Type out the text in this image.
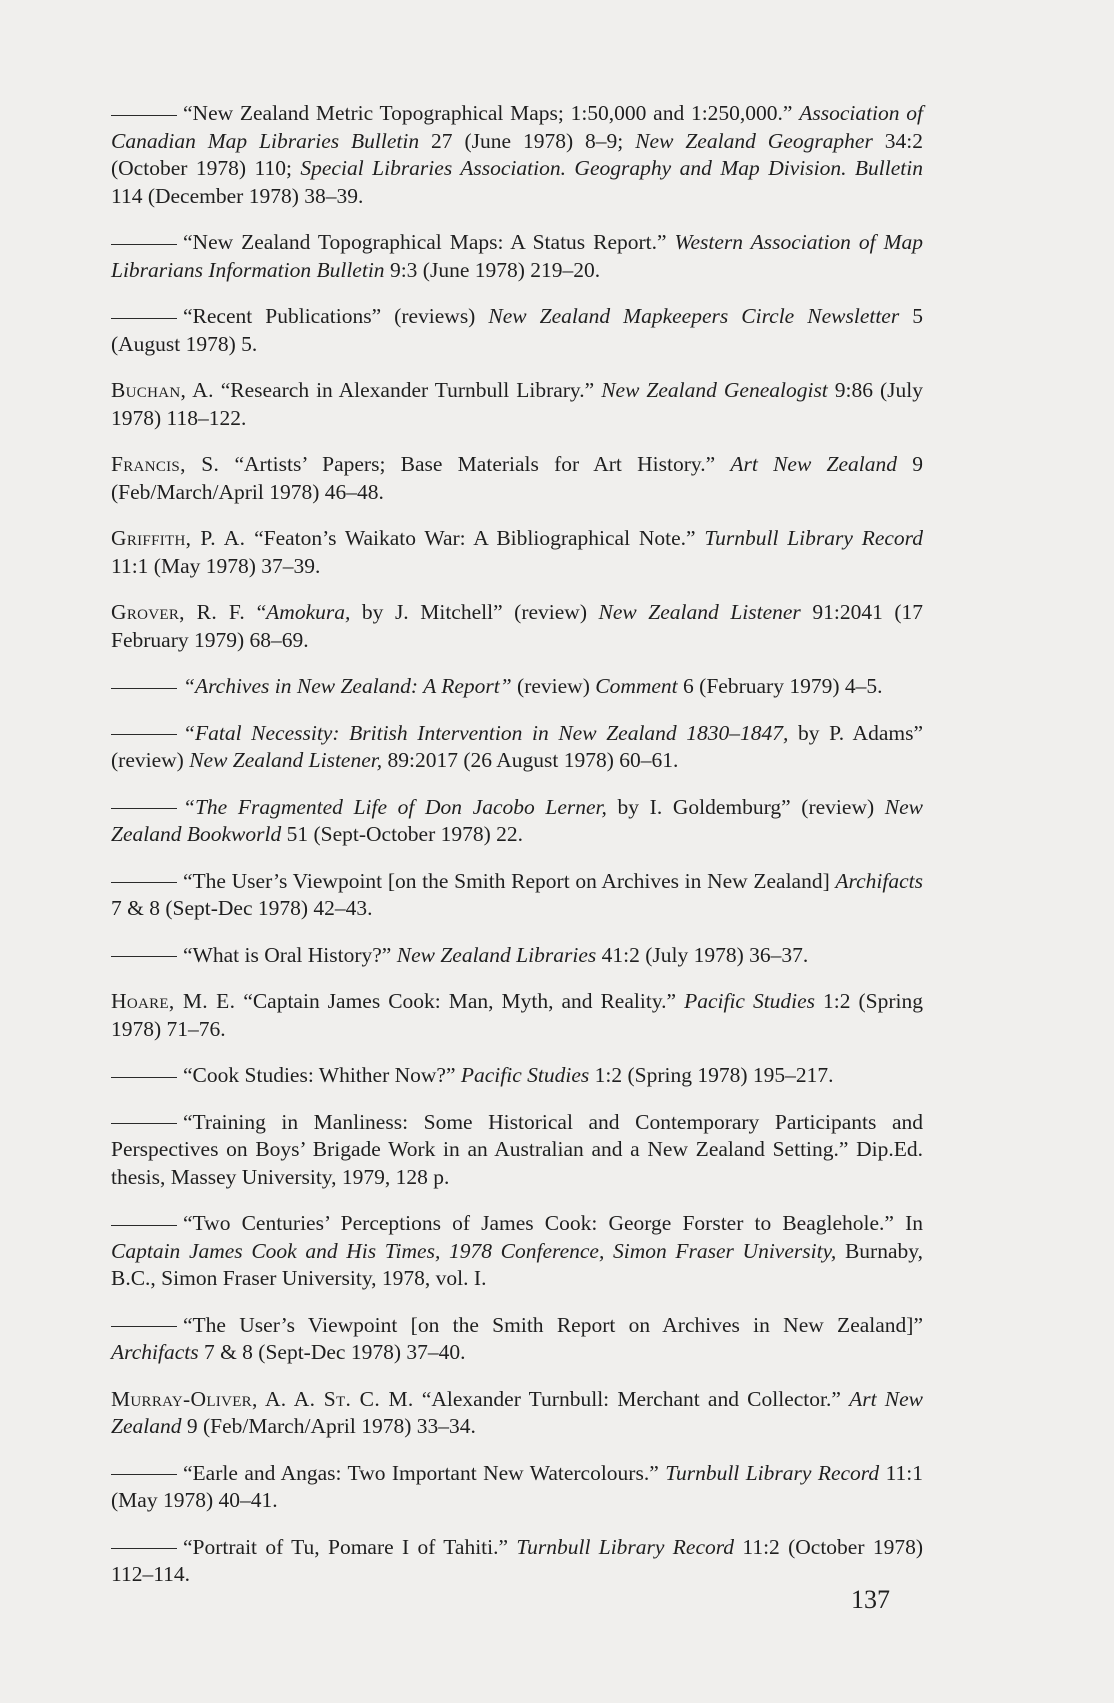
“New Zealand Metric Topographical Maps; 1:50,000 and 1:250,000.” Association of Canadian Map Libraries Bulletin 27 (June 1978) 8–9; New Zealand Geographer 34:2 (October 1978) 110; Special Libraries Association. Geography and Map Division. Bulletin 114 (December 1978) 38–39.

“New Zealand Topographical Maps: A Status Report.” Western Association of Map Librarians Information Bulletin 9:3 (June 1978) 219–20.

“Recent Publications” (reviews) New Zealand Mapkeepers Circle Newsletter 5 (August 1978) 5.

Buchan, A. “Research in Alexander Turnbull Library.” New Zealand Genealogist 9:86 (July 1978) 118–122.

Francis, S. “Artists’ Papers; Base Materials for Art History.” Art New Zealand 9 (Feb/March/April 1978) 46–48.

Griffith, P. A. “Featon’s Waikato War: A Bibliographical Note.” Turnbull Library Record 11:1 (May 1978) 37–39.

Grover, R. F. “Amokura, by J. Mitchell” (review) New Zealand Listener 91:2041 (17 February 1979) 68–69.

“Archives in New Zealand: A Report” (review) Comment 6 (February 1979) 4–5.

“Fatal Necessity: British Intervention in New Zealand 1830–1847, by P. Adams” (review) New Zealand Listener, 89:2017 (26 August 1978) 60–61.

“The Fragmented Life of Don Jacobo Lerner, by I. Goldemburg” (review) New Zealand Bookworld 51 (Sept-October 1978) 22.

“The User’s Viewpoint [on the Smith Report on Archives in New Zealand] Archifacts 7 & 8 (Sept-Dec 1978) 42–43.

“What is Oral History?” New Zealand Libraries 41:2 (July 1978) 36–37.

Hoare, M. E. “Captain James Cook: Man, Myth, and Reality.” Pacific Studies 1:2 (Spring 1978) 71–76.

“Cook Studies: Whither Now?” Pacific Studies 1:2 (Spring 1978) 195–217.

“Training in Manliness: Some Historical and Contemporary Participants and Perspectives on Boys’ Brigade Work in an Australian and a New Zealand Setting.” Dip.Ed. thesis, Massey University, 1979, 128 p.

“Two Centuries’ Perceptions of James Cook: George Forster to Beaglehole.” In Captain James Cook and His Times, 1978 Conference, Simon Fraser University, Burnaby, B.C., Simon Fraser University, 1978, vol. I.

“The User’s Viewpoint [on the Smith Report on Archives in New Zealand]” Archifacts 7 & 8 (Sept-Dec 1978) 37–40.

Murray-Oliver, A. A. St. C. M. “Alexander Turnbull: Merchant and Collector.” Art New Zealand 9 (Feb/March/April 1978) 33–34.

“Earle and Angas: Two Important New Watercolours.” Turnbull Library Record 11:1 (May 1978) 40–41.

“Portrait of Tu, Pomare I of Tahiti.” Turnbull Library Record 11:2 (October 1978) 112–114.

137
